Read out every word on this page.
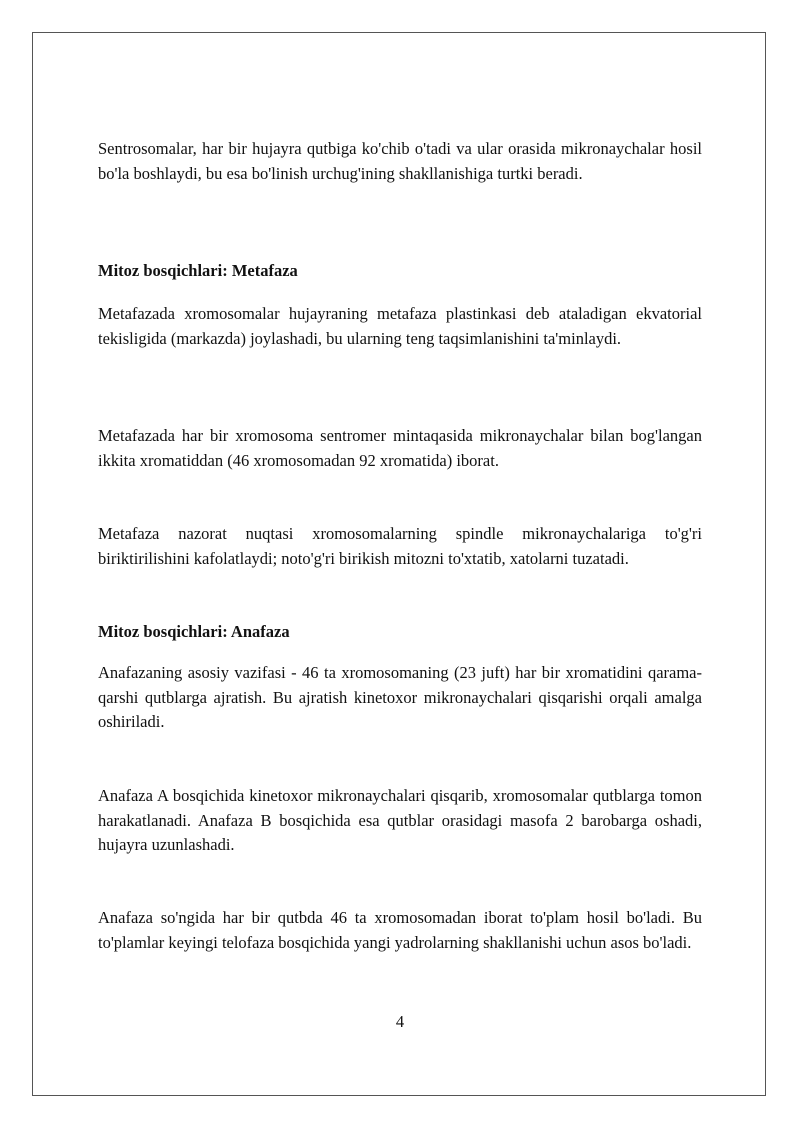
Sentrosomalar, har bir hujayra qutbiga ko'chib o'tadi va ular orasida mikronaychalar hosil bo'la boshlaydi, bu esa bo'linish urchug'ining shakllanishiga turtki beradi.

Mitoz bosqichlari: Metafaza

Metafazada xromosomalar hujayraning metafaza plastinkasi deb ataladigan ekvatorial tekisligida (markazda) joylashadi, bu ularning teng taqsimlanishini ta'minlaydi.

Metafazada har bir xromosoma sentromer mintaqasida mikronaychalar bilan bog'langan ikkita xromatiddan (46 xromosomadan 92 xromatida) iborat.

Metafaza nazorat nuqtasi xromosomalarning spindle mikronaychalariga to'g'ri biriktirilishini kafolatlaydi; noto'g'ri birikish mitozni to'xtatib, xatolarni tuzatadi.

Mitoz bosqichlari: Anafaza

Anafazaning asosiy vazifasi - 46 ta xromosomaning (23 juft) har bir xromatidini qarama-qarshi qutblarga ajratish. Bu ajratish kinetoxor mikronaychalari qisqarishi orqali amalga oshiriladi.

Anafaza A bosqichida kinetoxor mikronaychalari qisqarib, xromosomalar qutblarga tomon harakatlanadi. Anafaza B bosqichida esa qutblar orasidagi masofa 2 barobarga oshadi, hujayra uzunlashadi.

Anafaza so'ngida har bir qutbda 46 ta xromosomadan iborat to'plam hosil bo'ladi. Bu to'plamlar keyingi telofaza bosqichida yangi yadrolarning shakllanishi uchun asos bo'ladi.

4
